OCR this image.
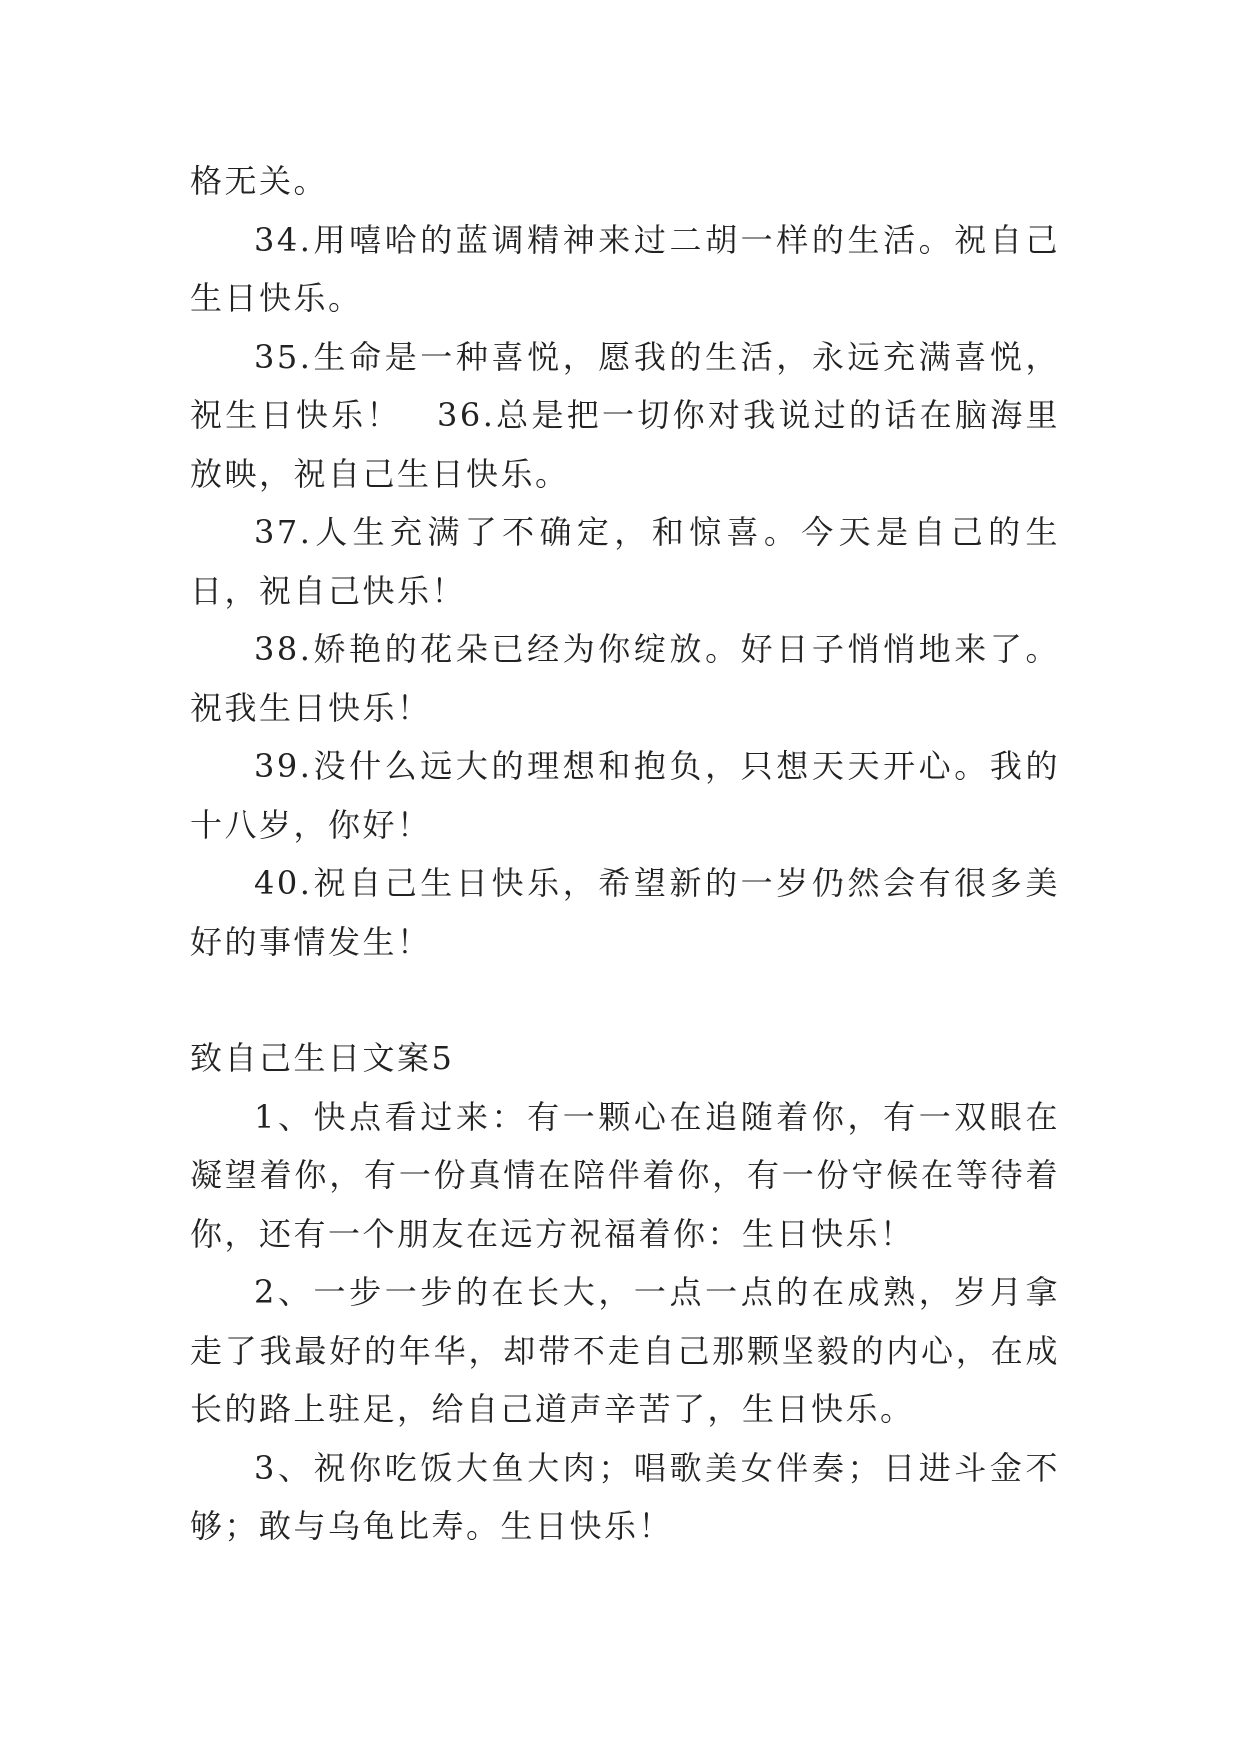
格无关。

34.用嘻哈的蓝调精神来过二胡一样的生活。祝自己生日快乐。

35.生命是一种喜悦，愿我的生活，永远充满喜悦，祝生日快乐！　36.总是把一切你对我说过的话在脑海里放映，祝自己生日快乐。

37.人生充满了不确定，和惊喜。今天是自己的生日，祝自己快乐！

38.娇艳的花朵已经为你绽放。好日子悄悄地来了。祝我生日快乐！

39.没什么远大的理想和抱负，只想天天开心。我的十八岁，你好！

40.祝自己生日快乐，希望新的一岁仍然会有很多美好的事情发生！

致自己生日文案5

1、快点看过来：有一颗心在追随着你，有一双眼在凝望着你，有一份真情在陪伴着你，有一份守候在等待着你，还有一个朋友在远方祝福着你：生日快乐！

2、一步一步的在长大，一点一点的在成熟，岁月拿走了我最好的年华，却带不走自己那颗坚毅的内心，在成长的路上驻足，给自己道声辛苦了，生日快乐。

3、祝你吃饭大鱼大肉；唱歌美女伴奏；日进斗金不够；敢与乌龟比寿。生日快乐！
